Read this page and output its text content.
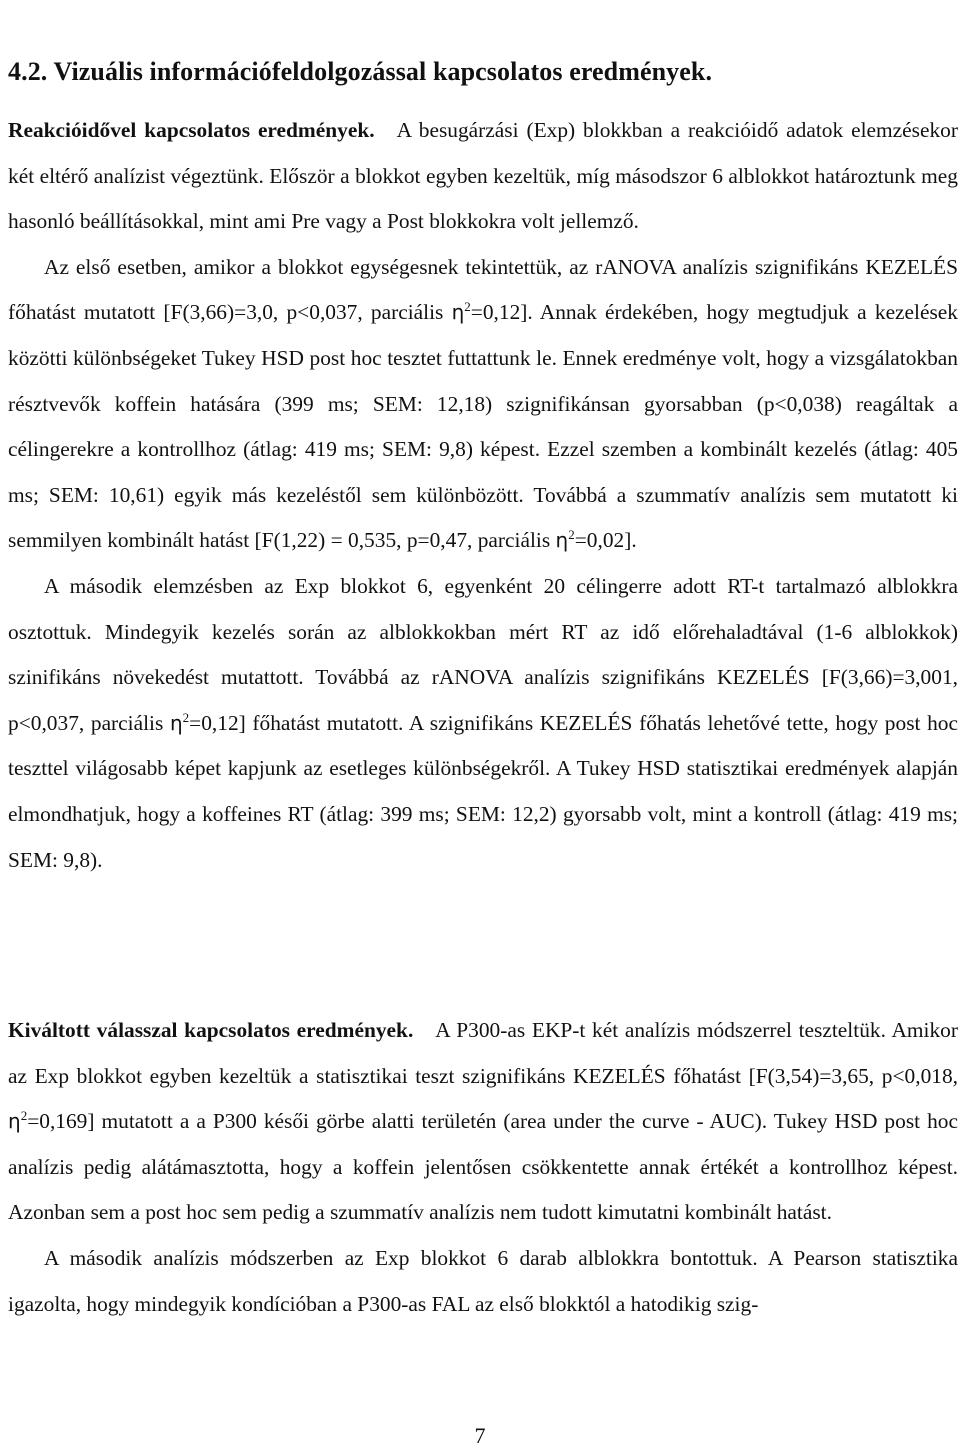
4.2. Vizuális információfeldolgozással kapcsolatos eredmények.

Reakcióidővel kapcsolatos eredmények. A besugárzási (Exp) blokkban a reakcióidő adatok elemzésekor két eltérő analízist végeztünk. Először a blokkot egyben kezeltük, míg másodszor 6 alblokkot határoztunk meg hasonló beállításokkal, mint ami Pre vagy a Post blokkokra volt jellemző.

Az első esetben, amikor a blokkot egységesnek tekintettük, az rANOVA analízis szignifikáns KEZELÉS főhatást mutatott [F(3,66)=3,0, p<0,037, parciális $\eta^2=0,12$]. Annak érdekében, hogy megtudjuk a kezelések közötti különbségeket Tukey HSD post hoc tesztet futtattunk le. Ennek eredménye volt, hogy a vizsgálatokban résztvevők koffein hatására (399 ms; SEM: 12,18) szignifikánsan gyorsabban (p<0,038) reagáltak a célingerekre a kontrollhoz (átlag: 419 ms; SEM: 9,8) képest. Ezzel szemben a kombinált kezelés (átlag: 405 ms; SEM: 10,61) egyik más kezeléstől sem különbözött. Továbbá a szummatív analízis sem mutatott ki semmilyen kombinált hatást [F(1,22) = 0,535, p=0,47, parciális $\eta^2=0,02$].

A második elemzésben az Exp blokkot 6, egyenként 20 célingerre adott RT-t tartalmazó alblokkra osztottuk. Mindegyik kezelés során az alblokkokban mért RT az idő előrehaladtával (1-6 alblokkok) szinifikáns növekedést mutattott. Továbbá az rANOVA analízis szignifikáns KEZELÉS [F(3,66)=3,001, p<0,037, parciális $\eta^2=0,12$] főhatást mutatott. A szignifikáns KEZELÉS főhatás lehetővé tette, hogy post hoc teszttel világosabb képet kapjunk az esetleges különbségekről. A Tukey HSD statisztikai eredmények alapján elmondhatjuk, hogy a koffeines RT (átlag: 399 ms; SEM: 12,2) gyorsabb volt, mint a kontroll (átlag: 419 ms; SEM: 9,8).

Kiváltott válasszal kapcsolatos eredmények. A P300-as EKP-t két analízis módszerrel teszteltük. Amikor az Exp blokkot egyben kezeltük a statisztikai teszt szignifikáns KEZELÉS főhatást [F(3,54)=3,65, p<0,018, $\eta^2=0,169$] mutatott a a P300 késői görbe alatti területén (area under the curve - AUC). Tukey HSD post hoc analízis pedig alátámasztotta, hogy a koffein jelentősen csökkentette annak értékét a kontrollhoz képest. Azonban sem a post hoc sem pedig a szummatív analízis nem tudott kimutatni kombinált hatást.

A második analízis módszerben az Exp blokkot 6 darab alblokkra bontottuk. A Pearson statisztika igazolta, hogy mindegyik kondícióban a P300-as FAL az első blokktól a hatodikig szig-

7
